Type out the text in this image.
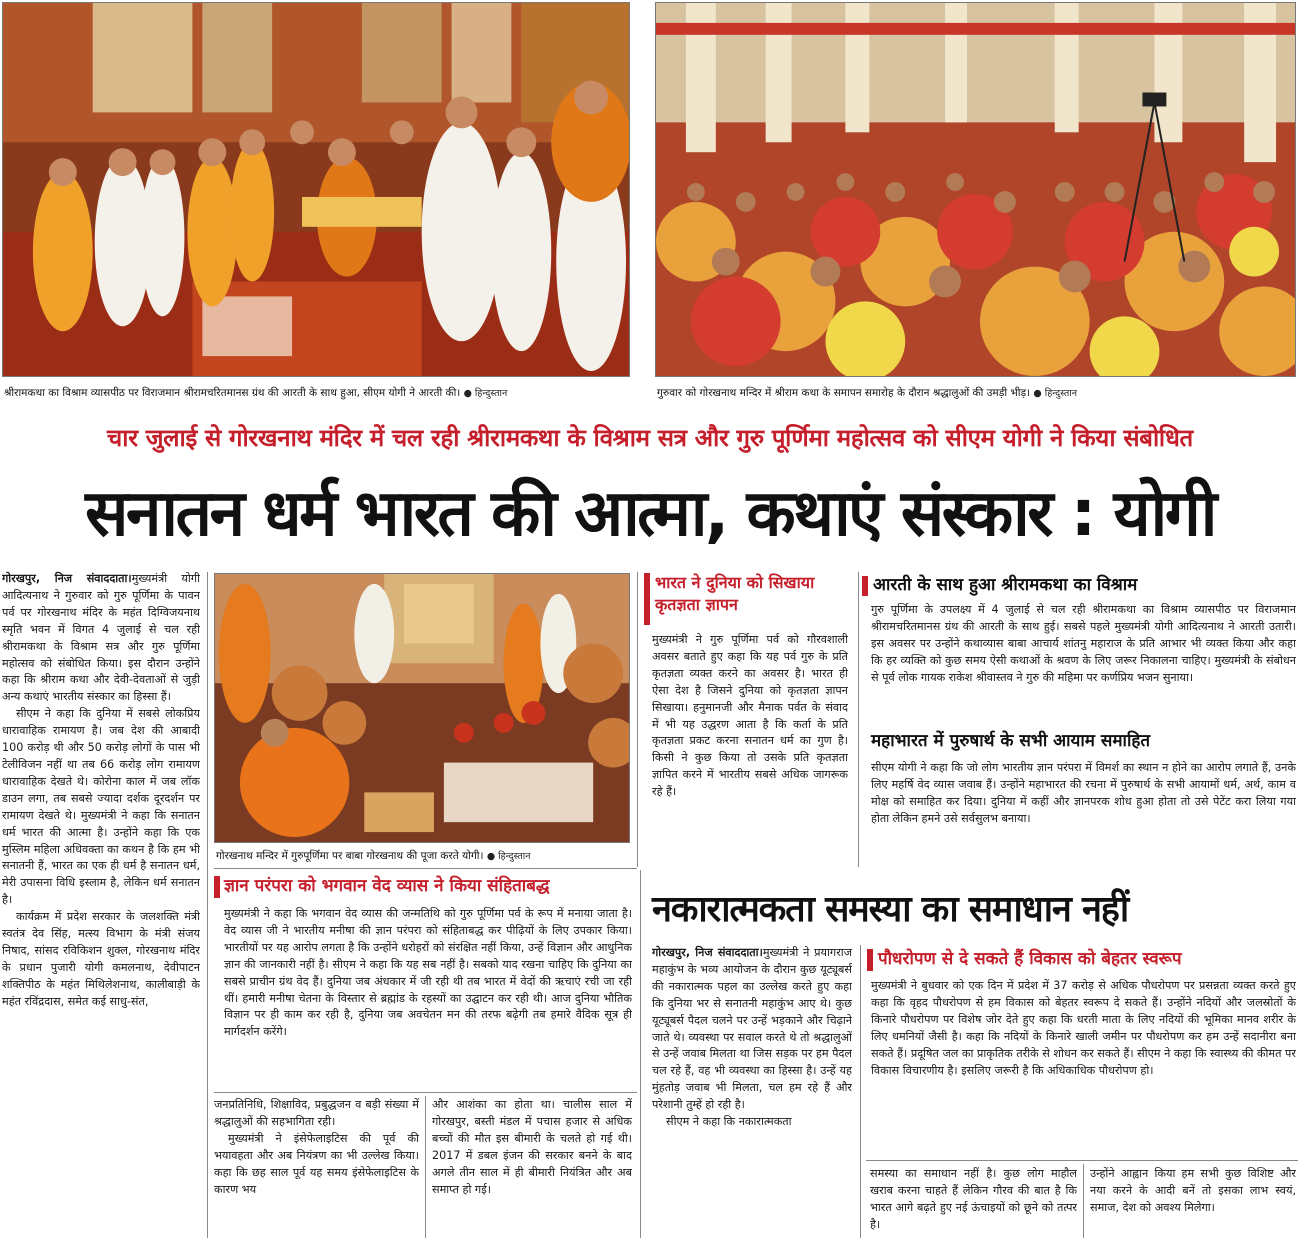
श्रीरामकथा का विश्राम व्यासपीठ पर विराजमान श्रीरामचरितमानस ग्रंथ की आरती के साथ हुआ, सीएम योगी ने आरती की। ● हिन्दुस्तान	गुरुवार को गोरखनाथ मन्दिर में श्रीराम कथा के समापन समारोह के दौरान श्रद्धालुओं की उमड़ी भीड़। ● हिन्दुस्तान
चार जुलाई से गोरखनाथ मंदिर में चल रही श्रीरामकथा के विश्राम सत्र और गुरु पूर्णिमा महोत्सव को सीएम योगी ने किया संबोधित
सनातन धर्म भारत की आत्मा, कथाएं संस्कार : योगी

गोरखपुर, निज संवाददाता।मुख्यमंत्री योगी आदित्यनाथ ने गुरुवार को गुरु पूर्णिमा के पावन पर्व पर गोरखनाथ मंदिर के महंत दिग्विजयनाथ स्मृति भवन में विगत 4 जुलाई से चल रही श्रीरामकथा के विश्राम सत्र और गुरु पूर्णिमा महोत्सव को संबोधित किया। इस दौरान उन्होंने कहा कि श्रीराम कथा और देवी-देवताओं से जुड़ी अन्य कथाएं भारतीय संस्कार का हिस्सा हैं।

सीएम ने कहा कि दुनिया में सबसे लोकप्रिय धारावाहिक रामायण है। जब देश की आबादी 100 करोड़ थी और 50 करोड़ लोगों के पास भी टेलीविजन नहीं था तब 66 करोड़ लोग रामायण धारावाहिक देखते थे। कोरोना काल में जब लॉक डाउन लगा, तब सबसे ज्यादा दर्शक दूरदर्शन पर रामायण देखते थे। मुख्यमंत्री ने कहा कि सनातन धर्म भारत की आत्मा है। उन्होंने कहा कि एक मुस्लिम महिला अधिवक्ता का कथन है कि हम भी सनातनी हैं, भारत का एक ही धर्म है सनातन धर्म, मेरी उपासना विधि इस्लाम है, लेकिन धर्म सनातन है।

कार्यक्रम में प्रदेश सरकार के जलशक्ति मंत्री स्वतंत्र देव सिंह, मत्स्य विभाग के मंत्री संजय निषाद, सांसद रविकिशन शुक्ल, गोरखनाथ मंदिर के प्रधान पुजारी योगी कमलनाथ, देवीपाटन शक्तिपीठ के महंत मिथिलेशनाथ, कालीबाड़ी के महंत रविंद्रदास, समेत कई साधु-संत,

गोरखनाथ मन्दिर में गुरुपूर्णिमा पर बाबा गोरखनाथ की पूजा करते योगी। ● हिन्दुस्तान
भारत ने दुनिया को सिखाया कृतज्ञता ज्ञापन
मुख्यमंत्री ने गुरु पूर्णिमा पर्व को गौरवशाली अवसर बताते हुए कहा कि यह पर्व गुरु के प्रति कृतज्ञता व्यक्त करने का अवसर है। भारत ही ऐसा देश है जिसने दुनिया को कृतज्ञता ज्ञापन सिखाया। हनुमानजी और मैनाक पर्वत के संवाद में भी यह उद्धरण आता है कि कर्ता के प्रति कृतज्ञता प्रकट करना सनातन धर्म का गुण है। किसी ने कुछ किया तो उसके प्रति कृतज्ञता ज्ञापित करने में भारतीय सबसे अधिक जागरूक रहे हैं।
आरती के साथ हुआ श्रीरामकथा का विश्राम
गुरु पूर्णिमा के उपलक्ष्य में 4 जुलाई से चल रही श्रीरामकथा का विश्राम व्यासपीठ पर विराजमान श्रीरामचरितमानस ग्रंथ की आरती के साथ हुई। सबसे पहले मुख्यमंत्री योगी आदित्यनाथ ने आरती उतारी। इस अवसर पर उन्होंने कथाव्यास बाबा आचार्य शांतनु महाराज के प्रति आभार भी व्यक्त किया और कहा कि हर व्यक्ति को कुछ समय ऐसी कथाओं के श्रवण के लिए जरूर निकालना चाहिए। मुख्यमंत्री के संबोधन से पूर्व लोक गायक राकेश श्रीवास्तव ने गुरु की महिमा पर कर्णप्रिय भजन सुनाया।
महाभारत में पुरुषार्थ के सभी आयाम समाहित
सीएम योगी ने कहा कि जो लोग भारतीय ज्ञान परंपरा में विमर्श का स्थान न होने का आरोप लगाते हैं, उनके लिए महर्षि वेद व्यास जवाब हैं। उन्होंने महाभारत की रचना में पुरुषार्थ के सभी आयामों धर्म, अर्थ, काम व मोक्ष को समाहित कर दिया। दुनिया में कहीं और ज्ञानपरक शोध हुआ होता तो उसे पेटेंट करा लिया गया होता लेकिन हमने उसे सर्वसुलभ बनाया।
ज्ञान परंपरा को भगवान वेद व्यास ने किया संहिताबद्ध
मुख्यमंत्री ने कहा कि भगवान वेद व्यास की जन्मतिथि को गुरु पूर्णिमा पर्व के रूप में मनाया जाता है। वेद व्यास जी ने भारतीय मनीषा की ज्ञान परंपरा को संहिताबद्ध कर पीढ़ियों के लिए उपकार किया। भारतीयों पर यह आरोप लगता है कि उन्होंने धरोहरों को संरक्षित नहीं किया, उन्हें विज्ञान और आधुनिक ज्ञान की जानकारी नहीं है। सीएम ने कहा कि यह सब नहीं है। सबको याद रखना चाहिए कि दुनिया का सबसे प्राचीन ग्रंथ वेद हैं। दुनिया जब अंधकार में जी रही थी तब भारत में वेदों की ऋचाएं रची जा रही थीं। हमारी मनीषा चेतना के विस्तार से ब्रह्मांड के रहस्यों का उद्घाटन कर रही थी। आज दुनिया भौतिक विज्ञान पर ही काम कर रही है, दुनिया जब अवचेतन मन की तरफ बढ़ेगी तब हमारे वैदिक सूत्र ही मार्गदर्शन करेंगे।

जनप्रतिनिधि, शिक्षाविद, प्रबुद्धजन व बड़ी संख्या में श्रद्धालुओं की सहभागिता रही।

मुख्यमंत्री ने इंसेफेलाइटिस की पूर्व की भयावहता और अब नियंत्रण का भी उल्लेख किया। कहा कि छह साल पूर्व यह समय इंसेफेलाइटिस के कारण भय

और आशंका का होता था। चालीस साल में गोरखपुर, बस्ती मंडल में पचास हजार से अधिक बच्चों की मौत इस बीमारी के चलते हो गई थी। 2017 में डबल इंजन की सरकार बनने के बाद अगले तीन साल में ही बीमारी नियंत्रित और अब समाप्त हो गई।
नकारात्मकता समस्या का समाधान नहीं

गोरखपुर, निज संवाददाता।मुख्यमंत्री ने प्रयागराज महाकुंभ के भव्य आयोजन के दौरान कुछ यूट्यूबर्स की नकारात्मक पहल का उल्लेख करते हुए कहा कि दुनिया भर से सनातनी महाकुंभ आए थे। कुछ यूट्यूबर्स पैदल चलने पर उन्हें भड़काने और चिढ़ाने जाते थे। व्यवस्था पर सवाल करते थे तो श्रद्धालुओं से उन्हें जवाब मिलता था जिस सड़क पर हम पैदल चल रहे हैं, वह भी व्यवस्था का हिस्सा है। उन्हें यह मुंहतोड़ जवाब भी मिलता, चल हम रहे हैं और परेशानी तुम्हें हो रही है।

सीएम ने कहा कि नकारात्मकता

पौधरोपण से दे सकते हैं विकास को बेहतर स्वरूप
मुख्यमंत्री ने बुधवार को एक दिन में प्रदेश में 37 करोड़ से अधिक पौधरोपण पर प्रसन्नता व्यक्त करते हुए कहा कि वृहद पौधरोपण से हम विकास को बेहतर स्वरूप दे सकते हैं। उन्होंने नदियों और जलस्रोतों के किनारे पौधरोपण पर विशेष जोर देते हुए कहा कि धरती माता के लिए नदियों की भूमिका मानव शरीर के लिए धमनियों जैसी है। कहा कि नदियों के किनारे खाली जमीन पर पौधरोपण कर हम उन्हें सदानीरा बना सकते हैं। प्रदूषित जल का प्राकृतिक तरीके से शोधन कर सकते हैं। सीएम ने कहा कि स्वास्थ्य की कीमत पर विकास विचारणीय है। इसलिए जरूरी है कि अधिकाधिक पौधरोपण हो।
समस्या का समाधान नहीं है। कुछ लोग माहौल खराब करना चाहते हैं लेकिन गौरव की बात है कि भारत आगे बढ़ते हुए नई ऊंचाइयों को छूने को तत्पर है।
उन्होंने आह्वान किया हम सभी कुछ विशिष्ट और नया करने के आदी बनें तो इसका लाभ स्वयं, समाज, देश को अवश्य मिलेगा।
